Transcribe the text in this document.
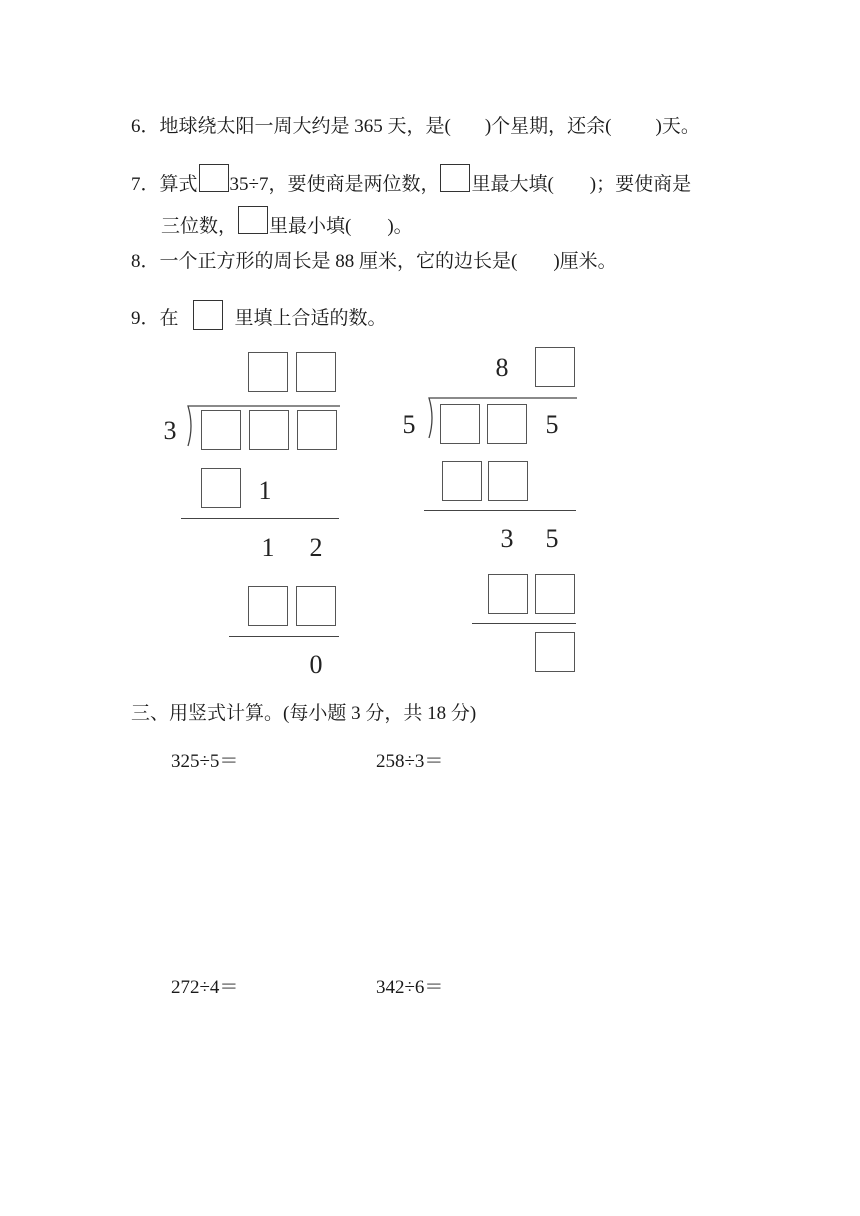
6．地球绕太阳一周大约是 365 天，是( )个星期，还余( )天。
7．算式 35÷7，要使商是两位数， 里最大填( )；要使商是
三位数， 里最小填( )。
8．一个正方形的周长是 88 厘米，它的边长是( )厘米。
9．在	里填上合适的数。
3
1
1	2
0
8
5	5
3	5
三、用竖式计算。(每小题 3 分，共 18 分)
325÷5＝	258÷3＝
272÷4＝	342÷6＝
